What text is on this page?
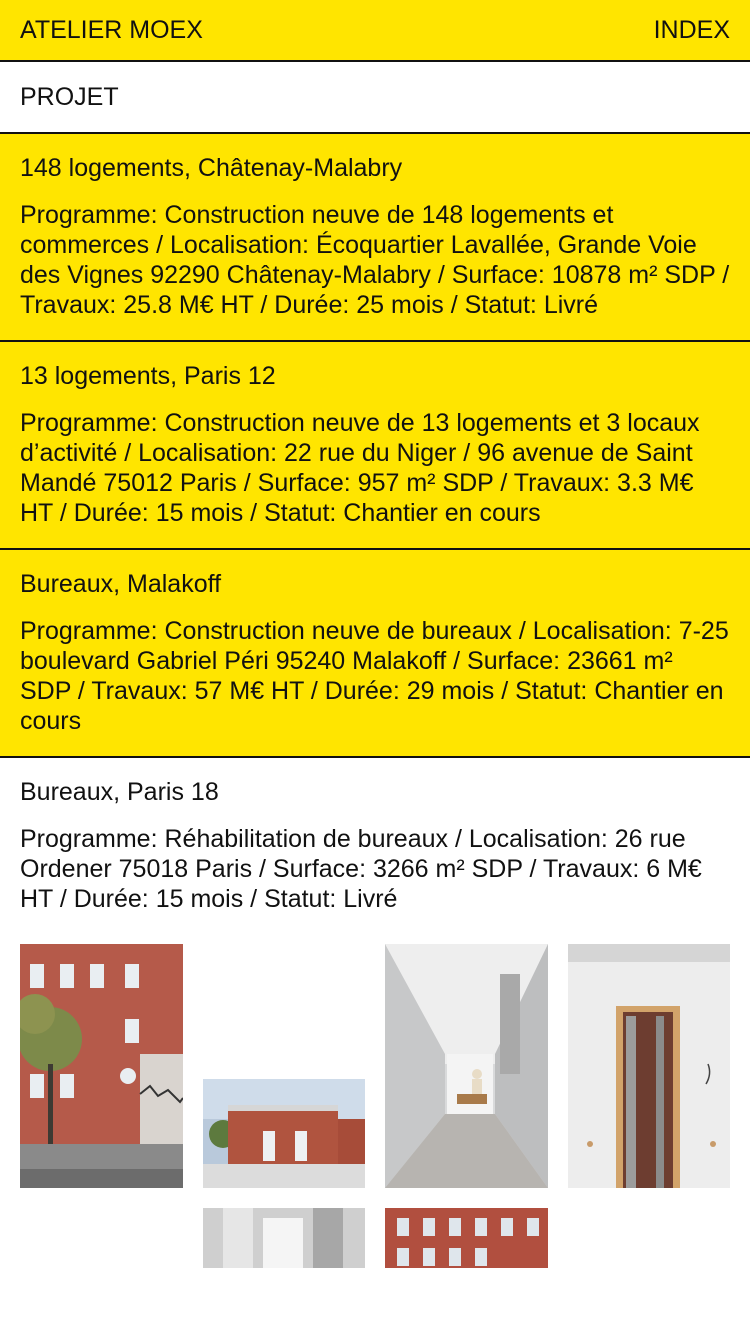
ATELIER MOEX	INDEX
PROJET

148 logements, Châtenay-Malabry

Programme: Construction neuve de 148 logements et commerces / Localisation: Écoquartier Lavallée, Grande Voie des Vignes 92290 Châtenay-Malabry / Surface: 10878 m² SDP / Travaux: 25.8 M€ HT / Durée: 25 mois / Statut: Livré

13 logements, Paris 12

Programme: Construction neuve de 13 logements et 3 locaux d’activité / Localisation: 22 rue du Niger / 96 avenue de Saint Mandé 75012 Paris / Surface: 957 m² SDP / Travaux: 3.3 M€ HT / Durée: 15 mois / Statut: Chantier en cours

Bureaux, Malakoff

Programme: Construction neuve de bureaux / Localisation: 7-25 boulevard Gabriel Péri 95240 Malakoff / Surface: 23661 m² SDP / Travaux: 57 M€ HT / Durée: 29 mois / Statut: Chantier en cours

Bureaux, Paris 18

Programme: Réhabilitation de bureaux / Localisation: 26 rue Ordener 75018 Paris / Surface: 3266 m² SDP / Travaux: 6 M€ HT / Durée: 15 mois / Statut: Livré
